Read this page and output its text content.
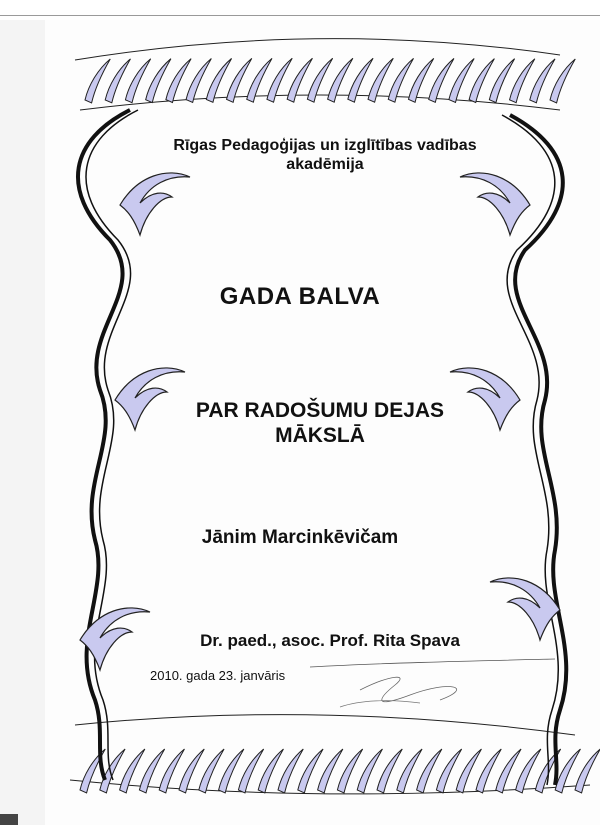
Rīgas Pedagoģijas un izglītības vadības
akadēmija
GADA BALVA
PAR RADOŠUMU DEJAS
MĀKSLĀ
Jānim Marcinkēvičam
Dr. paed., asoc. Prof. Rita Spava
2010. gada 23. janvāris
